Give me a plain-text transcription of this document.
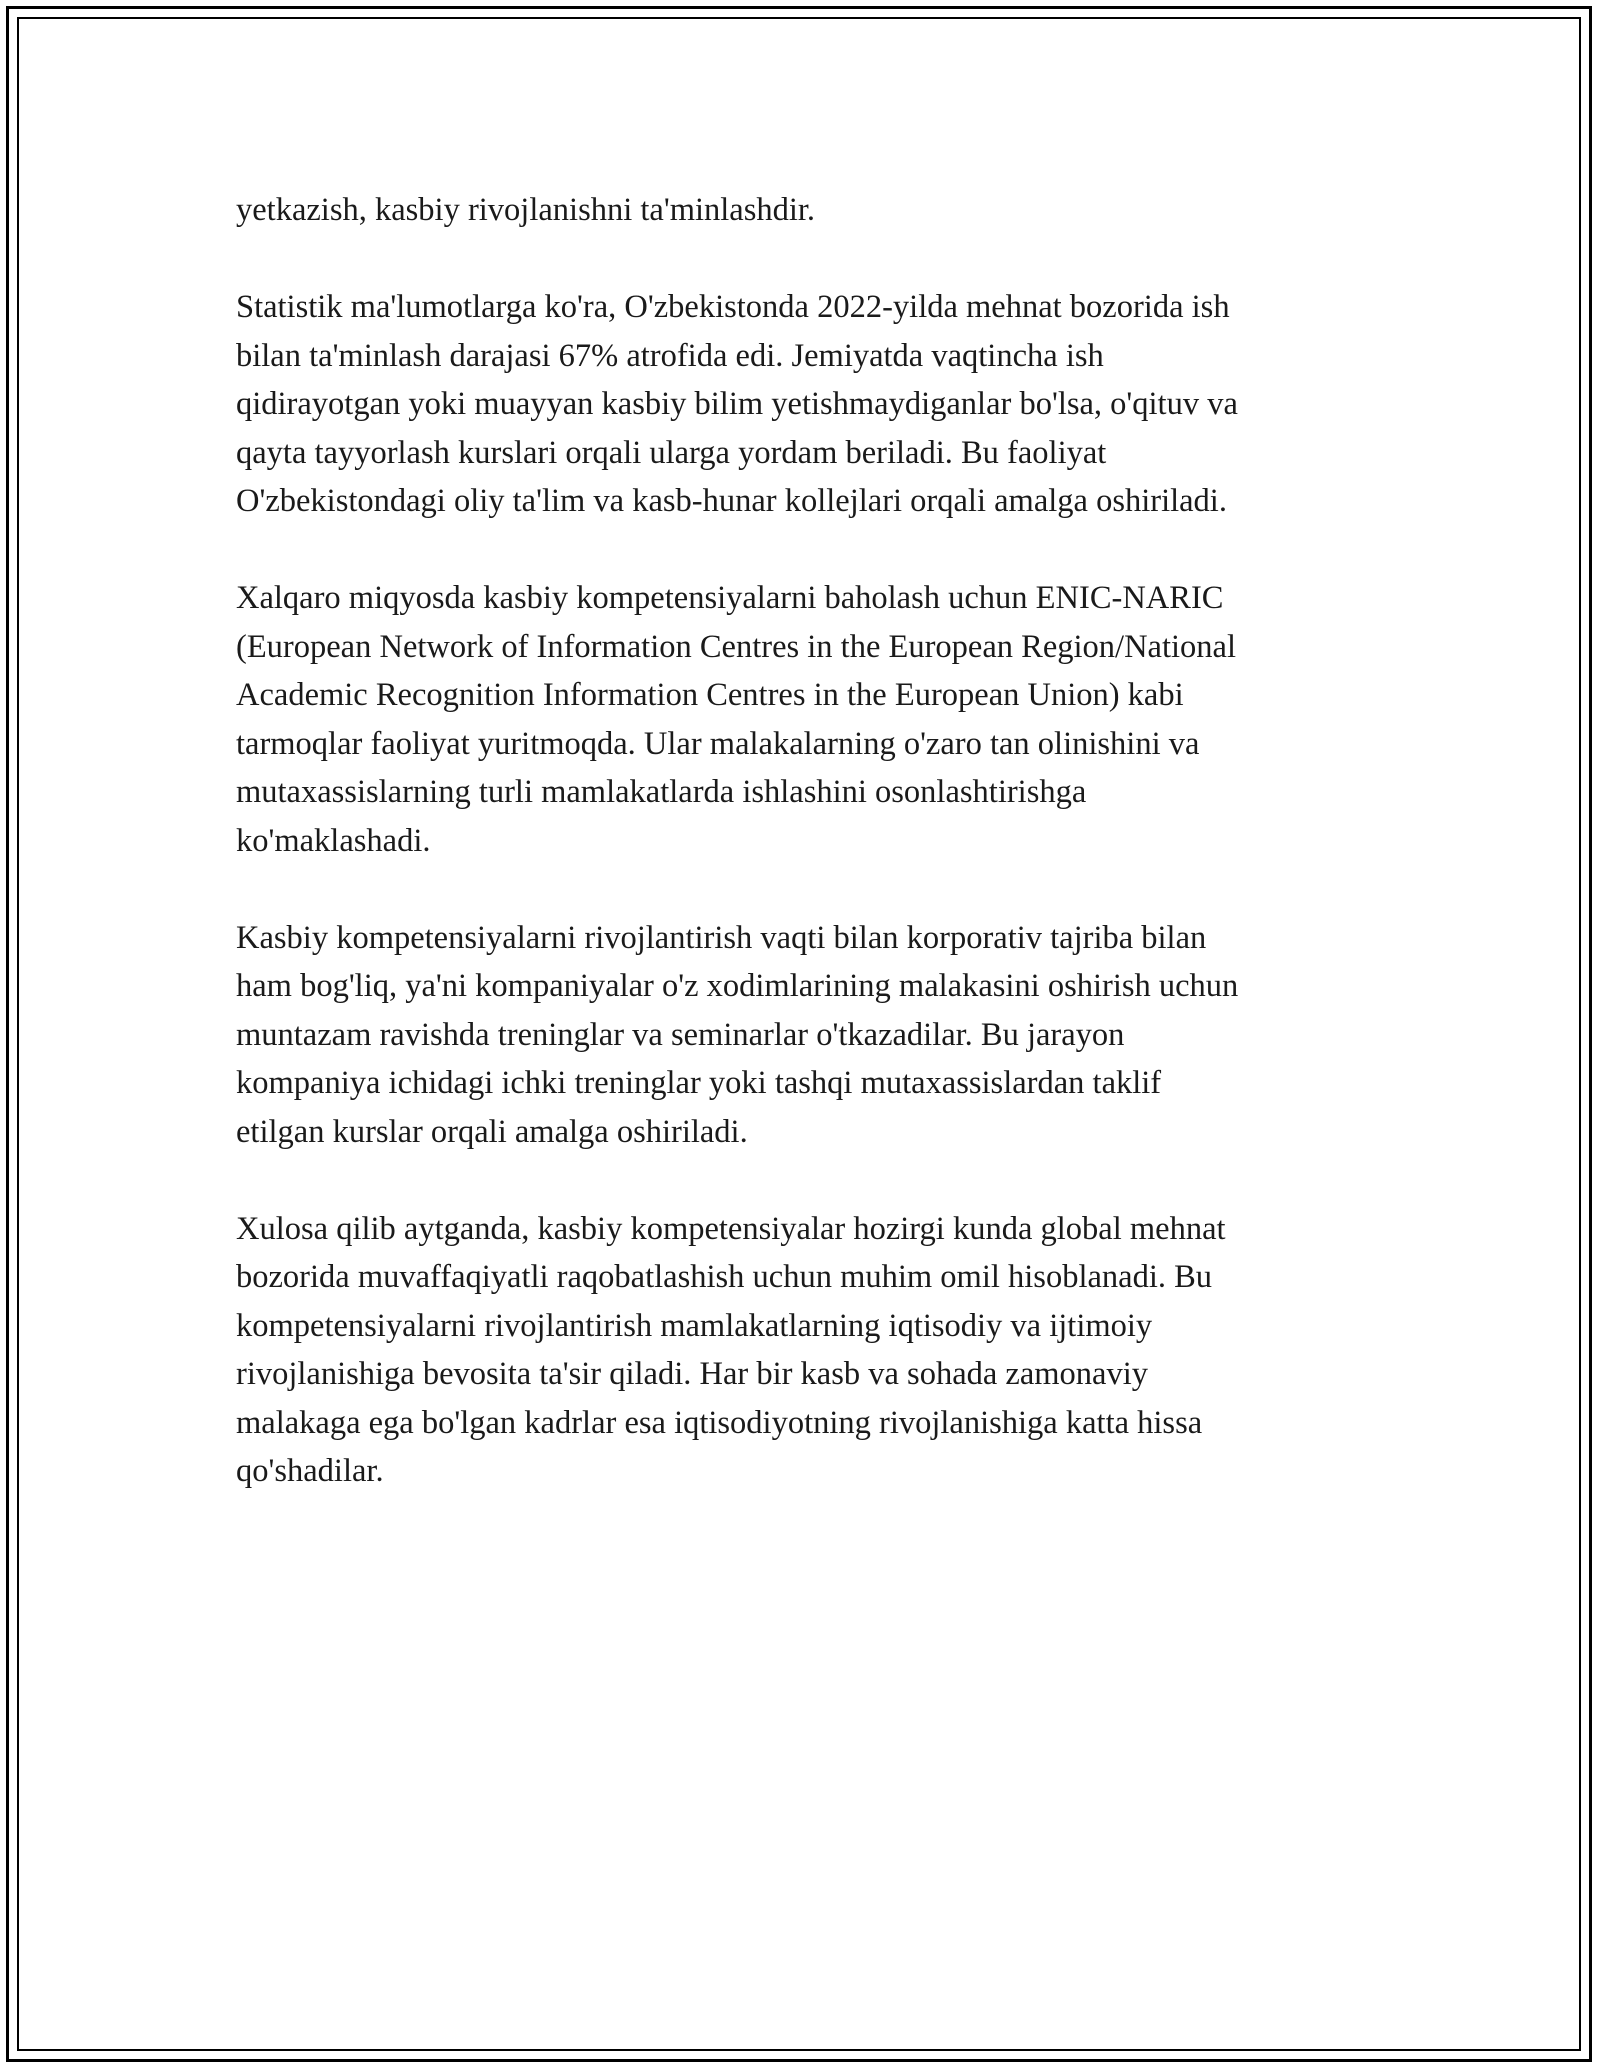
yetkazish, kasbiy rivojlanishni ta'minlashdir.

Statistik ma'lumotlarga ko'ra, O'zbekistonda 2022-yilda mehnat bozorida ish
bilan ta'minlash darajasi 67% atrofida edi. Jemiyatda vaqtincha ish
qidirayotgan yoki muayyan kasbiy bilim yetishmaydiganlar bo'lsa, o'qituv va
qayta tayyorlash kurslari orqali ularga yordam beriladi. Bu faoliyat
O'zbekistondagi oliy ta'lim va kasb-hunar kollejlari orqali amalga oshiriladi.

Xalqaro miqyosda kasbiy kompetensiyalarni baholash uchun ENIC-NARIC
(European Network of Information Centres in the European Region/National
Academic Recognition Information Centres in the European Union) kabi
tarmoqlar faoliyat yuritmoqda. Ular malakalarning o'zaro tan olinishini va
mutaxassislarning turli mamlakatlarda ishlashini osonlashtirishga
ko'maklashadi.

Kasbiy kompetensiyalarni rivojlantirish vaqti bilan korporativ tajriba bilan
ham bog'liq, ya'ni kompaniyalar o'z xodimlarining malakasini oshirish uchun
muntazam ravishda treninglar va seminarlar o'tkazadilar. Bu jarayon
kompaniya ichidagi ichki treninglar yoki tashqi mutaxassislardan taklif
etilgan kurslar orqali amalga oshiriladi.

Xulosa qilib aytganda, kasbiy kompetensiyalar hozirgi kunda global mehnat
bozorida muvaffaqiyatli raqobatlashish uchun muhim omil hisoblanadi. Bu
kompetensiyalarni rivojlantirish mamlakatlarning iqtisodiy va ijtimoiy
rivojlanishiga bevosita ta'sir qiladi. Har bir kasb va sohada zamonaviy
malakaga ega bo'lgan kadrlar esa iqtisodiyotning rivojlanishiga katta hissa
qo'shadilar.
